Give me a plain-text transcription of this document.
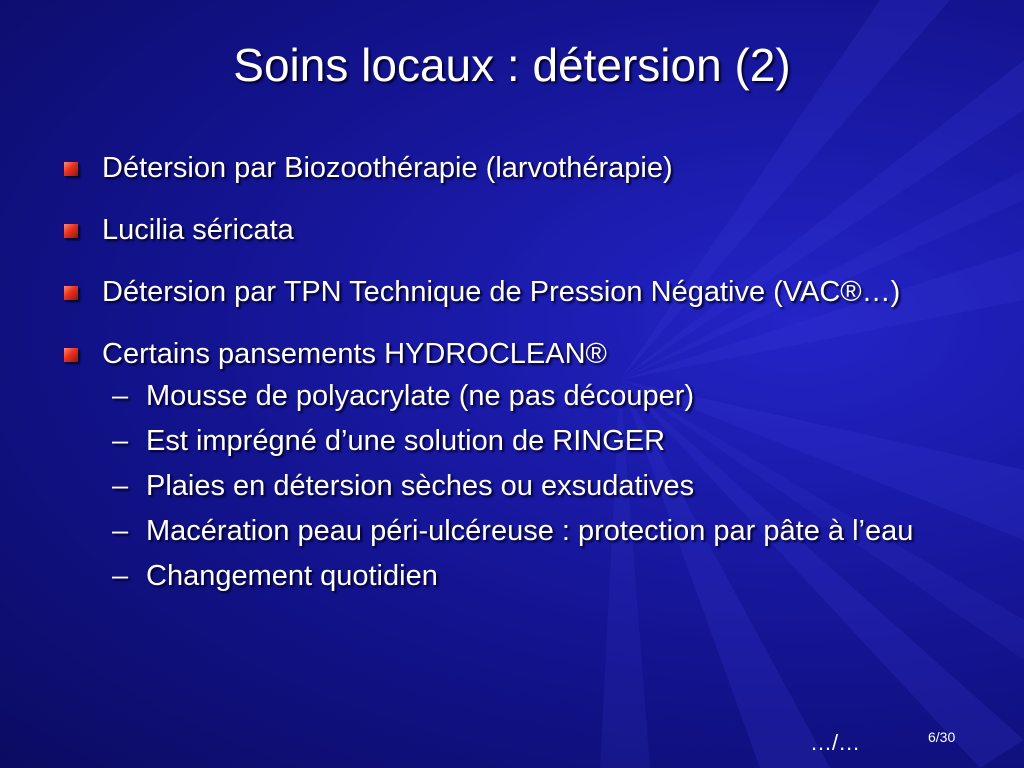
Soins locaux : détersion (2)
Détersion par Biozoothérapie (larvothérapie)
Lucilia séricata
Détersion par TPN Technique de Pression Négative (VAC®…)
Certains pansements HYDROCLEAN®
– Mousse de polyacrylate (ne pas découper)
– Est imprégné d’une solution de RINGER
– Plaies en détersion sèches ou exsudatives
– Macération peau péri-ulcéreuse : protection par pâte à l’eau
– Changement quotidien
…/…	6/30
